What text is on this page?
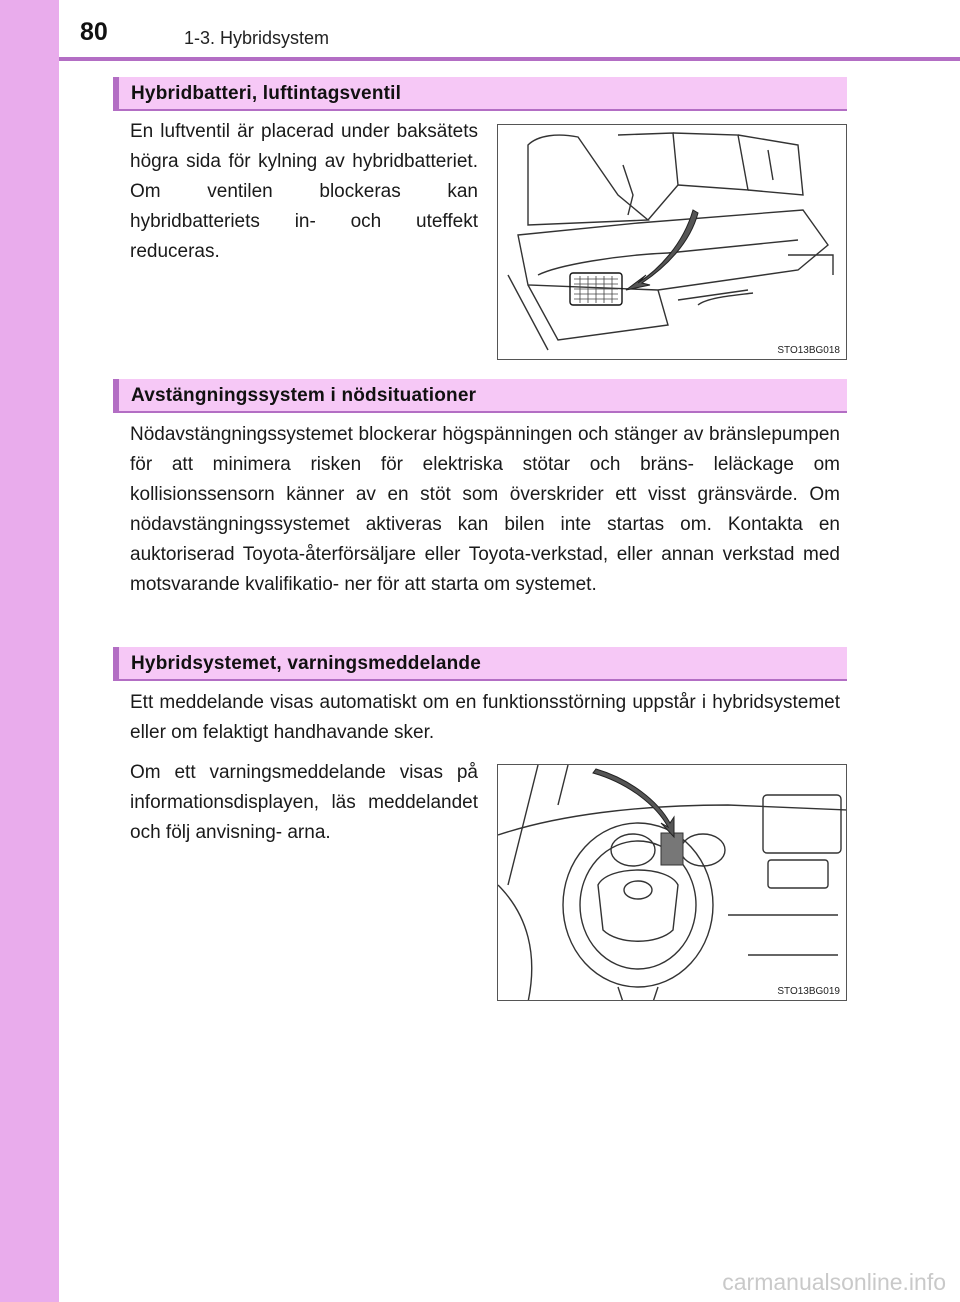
80	1-3. Hybridsystem
Hybridbatteri, luftintagsventil

En luftventil är placerad under baksätets högra sida för kylning av hybridbatteriet. Om ventilen blockeras kan hybridbatteriets in- och uteffekt reduceras.

STO13BG018
Avstängningssystem i nödsituationer

Nödavstängningssystemet blockerar högspänningen och stänger av bränslepumpen för att minimera risken för elektriska stötar och bräns- leläckage om kollisionssensorn känner av en stöt som överskrider ett visst gränsvärde. Om nödavstängningssystemet aktiveras kan bilen inte startas om. Kontakta en auktoriserad Toyota-återförsäljare eller Toyota-verkstad, eller annan verkstad med motsvarande kvalifikatio- ner för att starta om systemet.

Hybridsystemet, varningsmeddelande

Ett meddelande visas automatiskt om en funktionsstörning uppstår i hybridsystemet eller om felaktigt handhavande sker.

Om ett varningsmeddelande visas på informationsdisplayen, läs meddelandet och följ anvisning- arna.

STO13BG019
carmanualsonline.info
